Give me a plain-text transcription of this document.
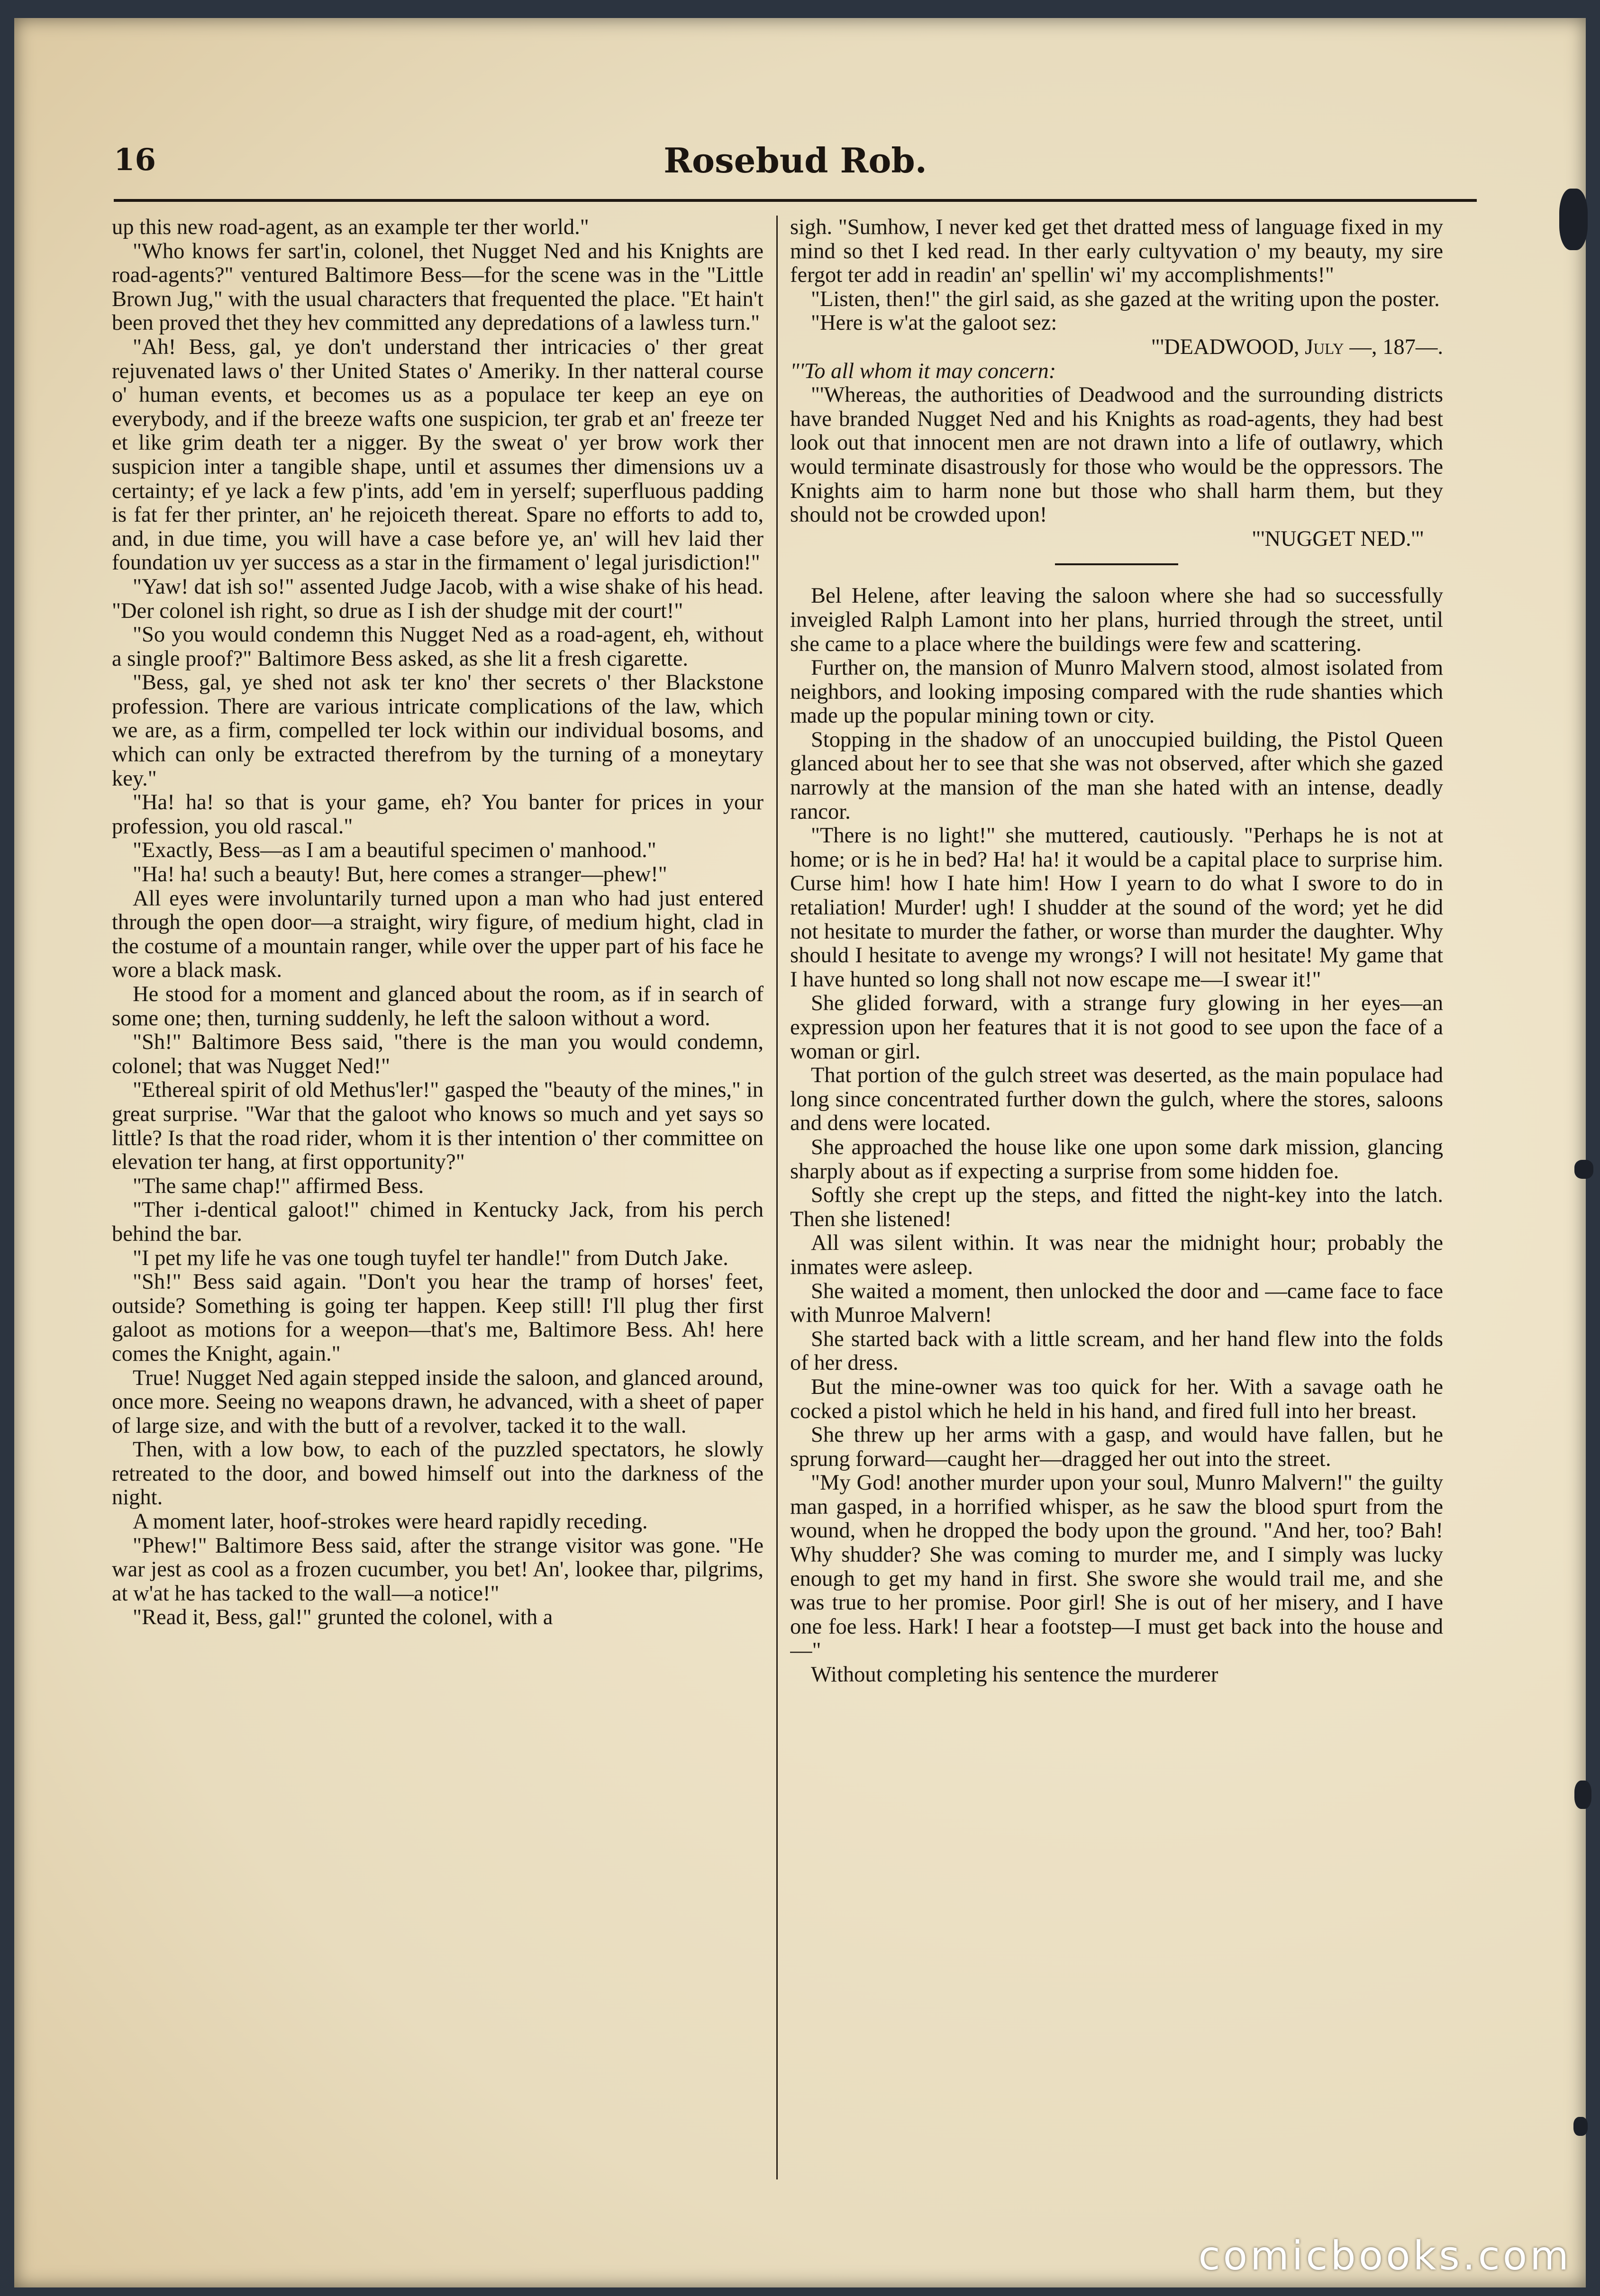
16	Rosebud Rob.

up this new road-agent, as an example ter ther world."

"Who knows fer sart'in, colonel, thet Nugget Ned and his Knights are road-agents?" ventured Baltimore Bess—for the scene was in the "Little Brown Jug," with the usual characters that frequented the place. "Et hain't been proved thet they hev committed any depredations of a lawless turn."

"Ah! Bess, gal, ye don't understand ther intricacies o' ther great rejuvenated laws o' ther United States o' Ameriky. In ther natteral course o' human events, et becomes us as a populace ter keep an eye on everybody, and if the breeze wafts one suspicion, ter grab et an' freeze ter et like grim death ter a nigger. By the sweat o' yer brow work ther suspicion inter a tangible shape, until et assumes ther dimensions uv a certainty; ef ye lack a few p'ints, add 'em in yerself; superfluous padding is fat fer ther printer, an' he rejoiceth thereat. Spare no efforts to add to, and, in due time, you will have a case before ye, an' will hev laid ther foundation uv yer success as a star in the firmament o' legal jurisdiction!"

"Yaw! dat ish so!" assented Judge Jacob, with a wise shake of his head. "Der colonel ish right, so drue as I ish der shudge mit der court!"

"So you would condemn this Nugget Ned as a road-agent, eh, without a single proof?" Baltimore Bess asked, as she lit a fresh cigarette.

"Bess, gal, ye shed not ask ter kno' ther secrets o' ther Blackstone profession. There are various intricate complications of the law, which we are, as a firm, compelled ter lock within our individual bosoms, and which can only be extracted therefrom by the turning of a moneytary key."

"Ha! ha! so that is your game, eh? You banter for prices in your profession, you old rascal."

"Exactly, Bess—as I am a beautiful specimen o' manhood."

"Ha! ha! such a beauty! But, here comes a stranger—phew!"

All eyes were involuntarily turned upon a man who had just entered through the open door—a straight, wiry figure, of medium hight, clad in the costume of a mountain ranger, while over the upper part of his face he wore a black mask.

He stood for a moment and glanced about the room, as if in search of some one; then, turning suddenly, he left the saloon without a word.

"Sh!" Baltimore Bess said, "there is the man you would condemn, colonel; that was Nugget Ned!"

"Ethereal spirit of old Methus'ler!" gasped the "beauty of the mines," in great surprise. "War that the galoot who knows so much and yet says so little? Is that the road rider, whom it is ther intention o' ther committee on elevation ter hang, at first opportunity?"

"The same chap!" affirmed Bess.

"Ther i-dentical galoot!" chimed in Kentucky Jack, from his perch behind the bar.

"I pet my life he vas one tough tuyfel ter handle!" from Dutch Jake.

"Sh!" Bess said again. "Don't you hear the tramp of horses' feet, outside? Something is going ter happen. Keep still! I'll plug ther first galoot as motions for a weepon—that's me, Baltimore Bess. Ah! here comes the Knight, again."

True! Nugget Ned again stepped inside the saloon, and glanced around, once more. Seeing no weapons drawn, he advanced, with a sheet of paper of large size, and with the butt of a revolver, tacked it to the wall.

Then, with a low bow, to each of the puzzled spectators, he slowly retreated to the door, and bowed himself out into the darkness of the night.

A moment later, hoof-strokes were heard rapidly receding.

"Phew!" Baltimore Bess said, after the strange visitor was gone. "He war jest as cool as a frozen cucumber, you bet! An', lookee thar, pilgrims, at w'at he has tacked to the wall—a notice!"

"Read it, Bess, gal!" grunted the colonel, with a

sigh. "Sumhow, I never ked get thet dratted mess of language fixed in my mind so thet I ked read. In ther early cultyvation o' my beauty, my sire fergot ter add in readin' an' spellin' wi' my accomplishments!"

"Listen, then!" the girl said, as she gazed at the writing upon the poster.

"Here is w'at the galoot sez:

"'DEADWOOD, July —, 187—.

"'To all whom it may concern:

"'Whereas, the authorities of Deadwood and the surrounding districts have branded Nugget Ned and his Knights as road-agents, they had best look out that innocent men are not drawn into a life of outlawry, which would terminate disastrously for those who would be the oppressors. The Knights aim to harm none but those who shall harm them, but they should not be crowded upon!

"'NUGGET NED.'"

Bel Helene, after leaving the saloon where she had so successfully inveigled Ralph Lamont into her plans, hurried through the street, until she came to a place where the buildings were few and scattering.

Further on, the mansion of Munro Malvern stood, almost isolated from neighbors, and looking imposing compared with the rude shanties which made up the popular mining town or city.

Stopping in the shadow of an unoccupied building, the Pistol Queen glanced about her to see that she was not observed, after which she gazed narrowly at the mansion of the man she hated with an intense, deadly rancor.

"There is no light!" she muttered, cautiously. "Perhaps he is not at home; or is he in bed? Ha! ha! it would be a capital place to surprise him. Curse him! how I hate him! How I yearn to do what I swore to do in retaliation! Murder! ugh! I shudder at the sound of the word; yet he did not hesitate to murder the father, or worse than murder the daughter. Why should I hesitate to avenge my wrongs? I will not hesitate! My game that I have hunted so long shall not now escape me—I swear it!"

She glided forward, with a strange fury glowing in her eyes—an expression upon her features that it is not good to see upon the face of a woman or girl.

That portion of the gulch street was deserted, as the main populace had long since concentrated further down the gulch, where the stores, saloons and dens were located.

She approached the house like one upon some dark mission, glancing sharply about as if expecting a surprise from some hidden foe.

Softly she crept up the steps, and fitted the night-key into the latch. Then she listened!

All was silent within. It was near the midnight hour; probably the inmates were asleep.

She waited a moment, then unlocked the door and —came face to face with Munroe Malvern!

She started back with a little scream, and her hand flew into the folds of her dress.

But the mine-owner was too quick for her. With a savage oath he cocked a pistol which he held in his hand, and fired full into her breast.

She threw up her arms with a gasp, and would have fallen, but he sprung forward—caught her—dragged her out into the street.

"My God! another murder upon your soul, Munro Malvern!" the guilty man gasped, in a horrified whisper, as he saw the blood spurt from the wound, when he dropped the body upon the ground. "And her, too? Bah! Why shudder? She was coming to murder me, and I simply was lucky enough to get my hand in first. She swore she would trail me, and she was true to her promise. Poor girl! She is out of her misery, and I have one foe less. Hark! I hear a footstep—I must get back into the house and—"

Without completing his sentence the murderer

comicbooks.com
